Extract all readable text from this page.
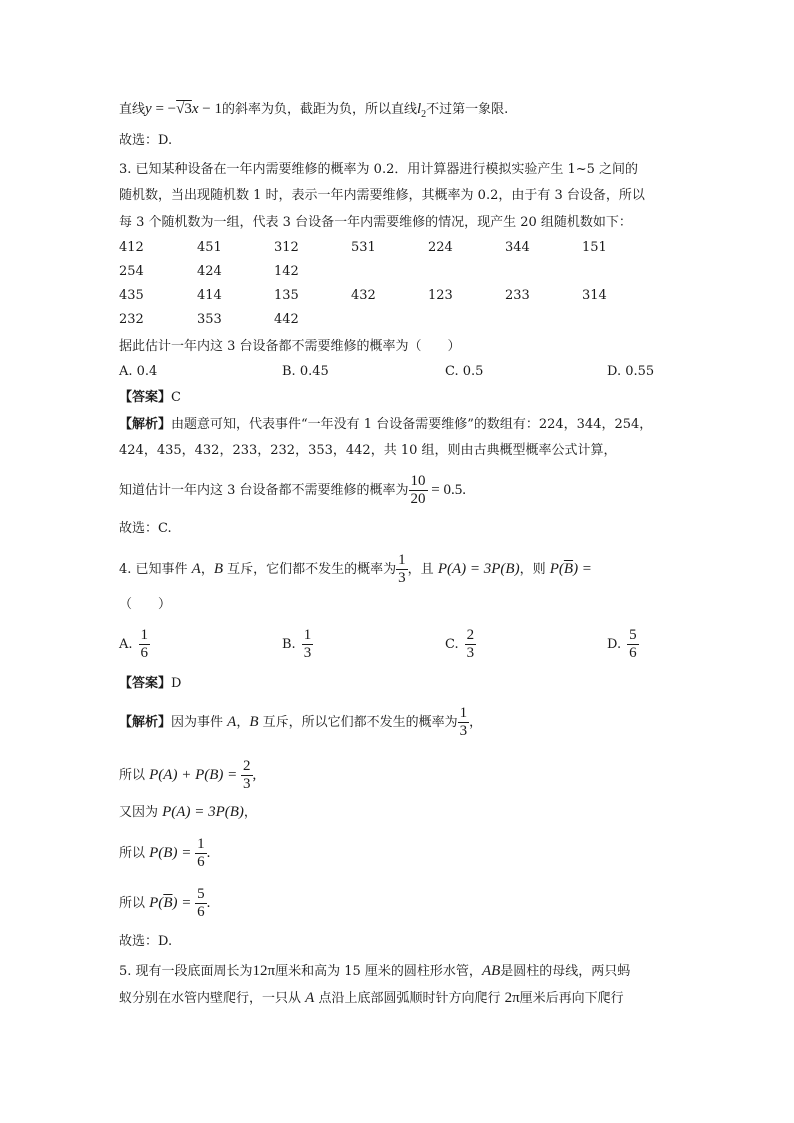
直线y = −√3x − 1的斜率为负，截距为负，所以直线$l_2$不过第一象限.
故选：D.
3. 已知某种设备在一年内需要维修的概率为 0.2．用计算器进行模拟实验产生 1~5 之间的
随机数，当出现随机数 1 时，表示一年内需要维修，其概率为 0.2，由于有 3 台设备，所以
每 3 个随机数为一组，代表 3 台设备一年内需要维修的情况，现产生 20 组随机数如下：
412	451	312	531	224	344	151
254	424	142
435	414	135	432	123	233	314
232	353	442
据此估计一年内这 3 台设备都不需要维修的概率为（　　）
A. 0.4	B. 0.45	C. 0.5	D. 0.55
【答案】C
【解析】由题意可知，代表事件“一年没有 1 台设备需要维修”的数组有：224，344，254，
424，435，432，233，232，353，442，共 10 组，则由古典概型概率公式计算，
知道估计一年内这 3 台设备都不需要维修的概率为 $\frac{10}{20} = 0.5$.
故选：C.
4. 已知事件 A，B 互斥，它们都不发生的概率为 $\frac{1}{3}$ ，且 P(A) = 3P(B)，则 $P(\overline{B})$ =
（　　）
A. $\frac{1}{6}$	B. $\frac{1}{3}$	C. $\frac{2}{3}$	D. $\frac{5}{6}$
【答案】D
【解析】因为事件 A，B 互斥，所以它们都不发生的概率为 $\frac{1}{3}$ ，
所以 $P(A) + P(B) = \frac{2}{3}$ ,
又因为 P(A) = 3P(B)，
所以 $P(B) = \frac{1}{6}$ .
所以 $P(\overline{B}) = \frac{5}{6}$ .
故选：D.
5. 现有一段底面周长为12π厘米和高为 15 厘米的圆柱形水管，AB是圆柱的母线，两只蚂
蚁分别在水管内壁爬行，一只从 A 点沿上底部圆弧顺时针方向爬行 2π厘米后再向下爬行
